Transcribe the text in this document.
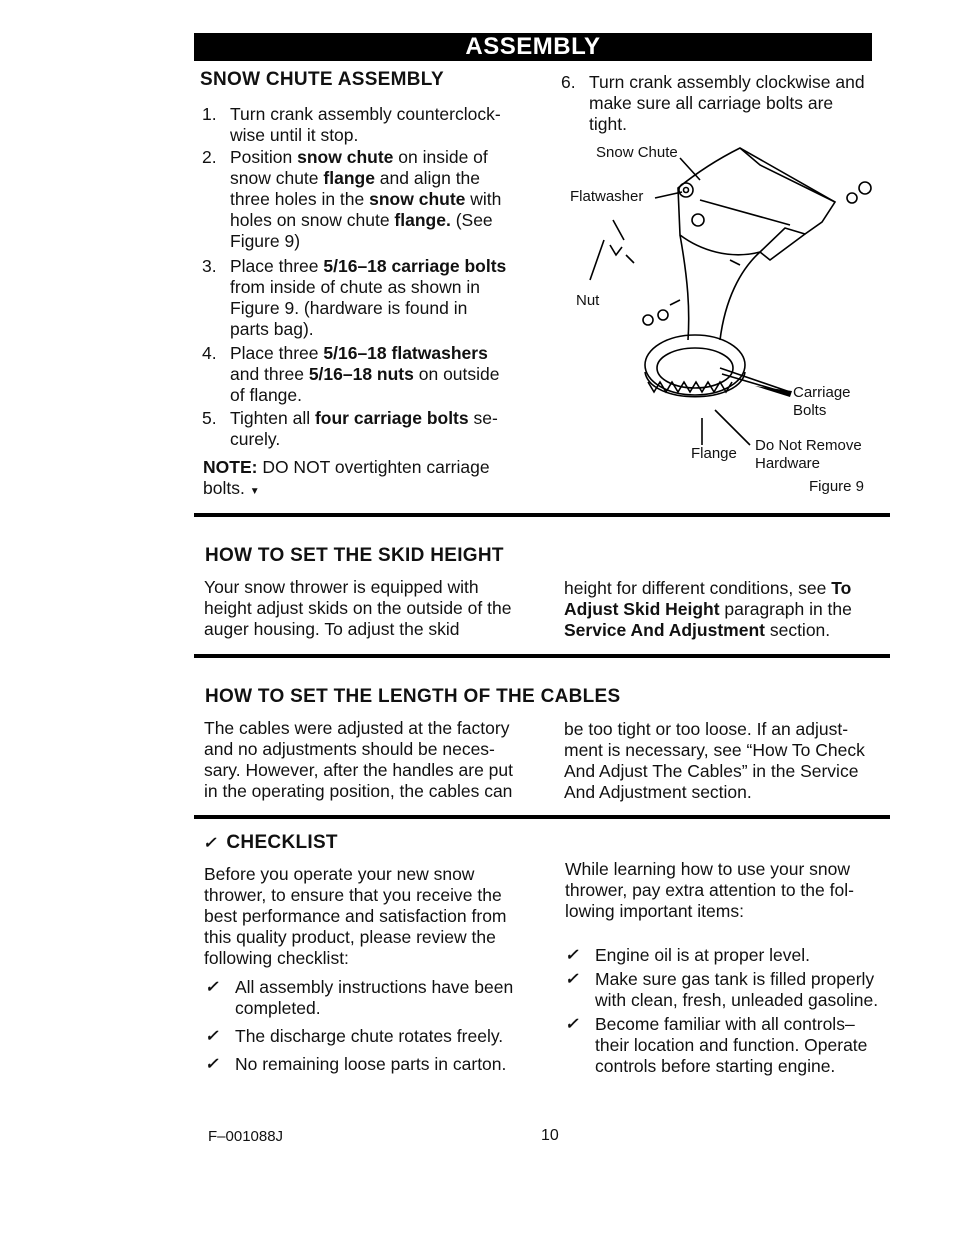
ASSEMBLY
SNOW CHUTE ASSEMBLY
1. Turn crank assembly counterclock-
wise until it stop.
2. Position snow chute on inside of
snow chute flange and align the
three holes in the snow chute with
holes on snow chute flange. (See
Figure 9)
3. Place three 5/16–18 carriage bolts
from inside of chute as shown in
Figure 9. (hardware is found in
parts bag).
4. Place three 5/16–18 flatwashers
and three 5/16–18 nuts on outside
of flange.
5. Tighten all four carriage bolts se-
curely.
NOTE: DO NOT overtighten carriage
bolts. ▼
6. Turn crank assembly clockwise and
make sure all carriage bolts are
tight.
Snow Chute
Flatwasher
Nut
Carriage
Bolts
Flange Do Not Remove
Hardware
Figure 9
HOW TO SET THE SKID HEIGHT
Your snow thrower is equipped with
height adjust skids on the outside of the
auger housing. To adjust the skid
height for different conditions, see To
Adjust Skid Height paragraph in the
Service And Adjustment section.
HOW TO SET THE LENGTH OF THE CABLES
The cables were adjusted at the factory
and no adjustments should be neces-
sary. However, after the handles are put
in the operating position, the cables can
be too tight or too loose. If an adjust-
ment is necessary, see “How To Check
And Adjust The Cables” in the Service
And Adjustment section.
✓ CHECKLIST
Before you operate your new snow
thrower, to ensure that you receive the
best performance and satisfaction from
this quality product, please review the
following checklist:
✓ All assembly instructions have been
completed.
✓ The discharge chute rotates freely.
✓ No remaining loose parts in carton.
While learning how to use your snow
thrower, pay extra attention to the fol-
lowing important items:
✓ Engine oil is at proper level.
✓ Make sure gas tank is filled properly
with clean, fresh, unleaded gasoline.
✓ Become familiar with all controls–
their location and function. Operate
controls before starting engine.
F–001088J	10
